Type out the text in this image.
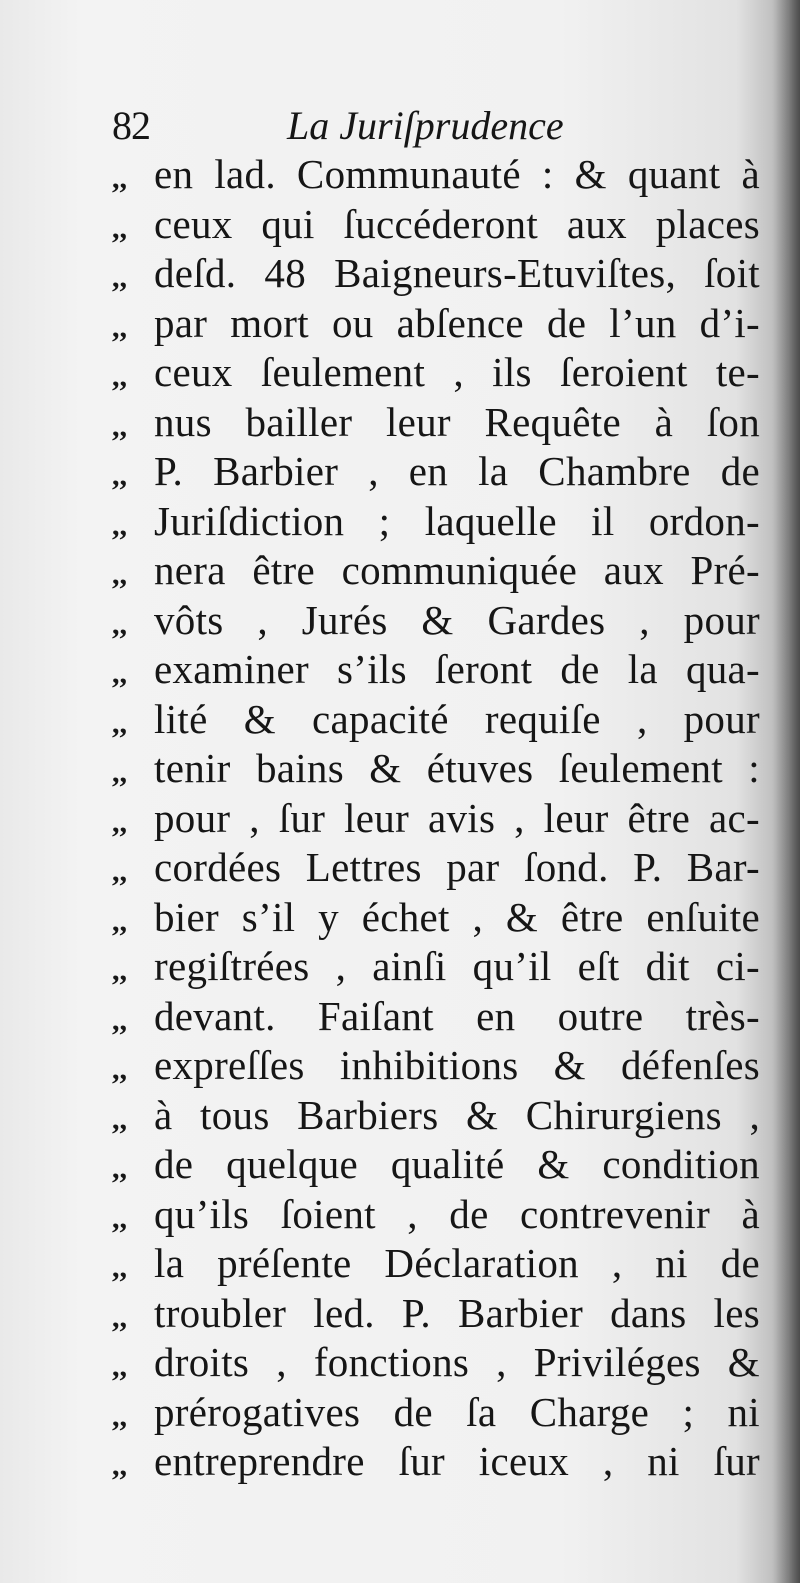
82	La Juriſprudence
,, en lad. Communauté : & quant à
,, ceux qui ſuccéderont aux places
,, deſd. 48 Baigneurs-Etuviſtes, ſoit
,, par mort ou abſence de l’un d’i-
,, ceux ſeulement , ils ſeroient te-
,, nus bailler leur Requête à ſon
,, P. Barbier , en la Chambre de
,, Juriſdiction ; laquelle il ordon-
,, nera être communiquée aux Pré-
,, vôts , Jurés & Gardes , pour
,, examiner s’ils ſeront de la qua-
,, lité & capacité requiſe , pour
,, tenir bains & étuves ſeulement :
,, pour , ſur leur avis , leur être ac-
,, cordées Lettres par ſond. P. Bar-
,, bier s’il y échet , & être enſuite
,, regiſtrées , ainſi qu’il eſt dit ci-
,, devant. Faiſant en outre très-
,, expreſſes inhibitions & défenſes
,, à tous Barbiers & Chirurgiens ,
,, de quelque qualité & condition
,, qu’ils ſoient , de contrevenir à
,, la préſente Déclaration , ni de
,, troubler led. P. Barbier dans les
,, droits , fonctions , Priviléges &
,, prérogatives de ſa Charge ; ni
,, entreprendre ſur iceux , ni ſur
